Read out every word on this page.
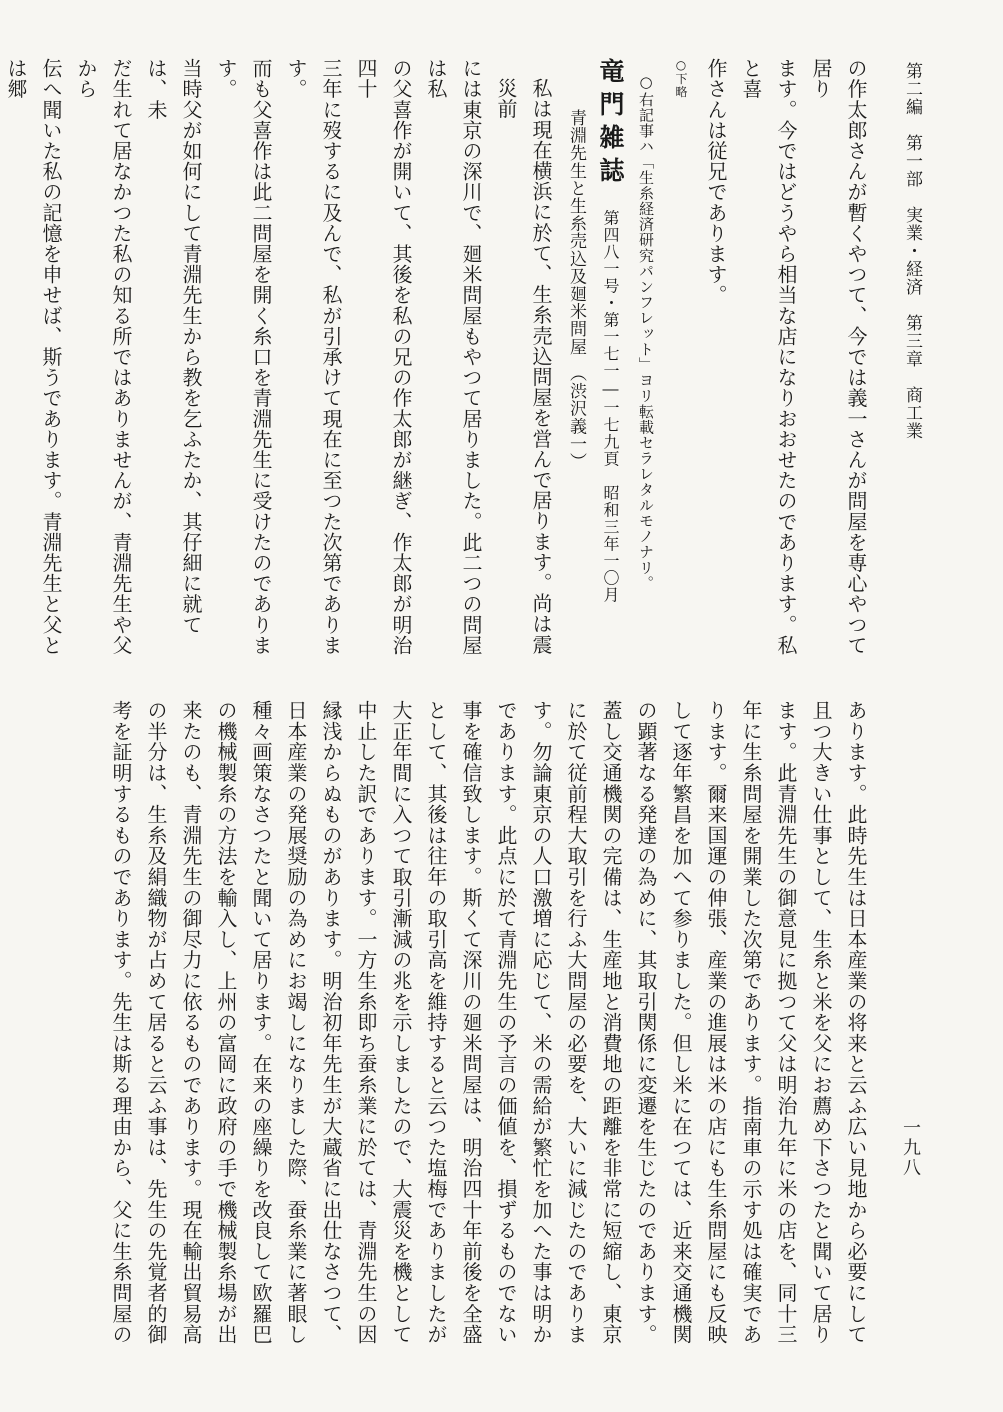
第二編　第一部　実業・経済　第三章　商工業
一九八
の作太郎さんが暫くやつて、今では義一さんが問屋を専心やつて居り
ます。今ではどうやら相当な店になりおおせたのであります。私と喜
作さんは従兄であります。
○下略
○右記事ハ「生糸経済研究パンフレット」ヨリ転載セラレタルモノナリ。
竜門雑誌第四八一号・第一七一―一七九頁　昭和三年一〇月
青淵先生と生糸売込及廻米問屋　（渋沢義一）
私は現在横浜に於て、生糸売込問屋を営んで居ります。尚は震災前
には東京の深川で、廻米問屋もやつて居りました。此二つの問屋は私
の父喜作が開いて、其後を私の兄の作太郎が継ぎ、作太郎が明治四十
三年に歿するに及んで、私が引承けて現在に至つた次第であります。
而も父喜作は此二問屋を開く糸口を青淵先生に受けたのであります。
当時父が如何にして青淵先生から教を乞ふたか、其仔細に就ては、未
だ生れて居なかつた私の知る所ではありませんが、青淵先生や父から
伝へ聞いた私の記憶を申せば、斯うであります。青淵先生と父とは郷
あります。此時先生は日本産業の将来と云ふ広い見地から必要にして
且つ大きい仕事として、生糸と米を父にお薦め下さつたと聞いて居り
ます。此青淵先生の御意見に拠つて父は明治九年に米の店を、同十三
年に生糸問屋を開業した次第であります。指南車の示す処は確実であ
ります。爾来国運の伸張、産業の進展は米の店にも生糸問屋にも反映
して逐年繁昌を加へて参りました。但し米に在つては、近来交通機関
の顕著なる発達の為めに、其取引関係に変遷を生じたのであります。
蓋し交通機関の完備は、生産地と消費地の距離を非常に短縮し、東京
に於て従前程大取引を行ふ大問屋の必要を、大いに減じたのでありま
す。勿論東京の人口激増に応じて、米の需給が繁忙を加へた事は明か
であります。此点に於て青淵先生の予言の価値を、損ずるものでない
事を確信致します。斯くて深川の廻米問屋は、明治四十年前後を全盛
として、其後は往年の取引高を維持すると云つた塩梅でありましたが
大正年間に入つて取引漸減の兆を示しましたので、大震災を機として
中止した訳であります。一方生糸即ち蚕糸業に於ては、青淵先生の因
縁浅からぬものがあります。明治初年先生が大蔵省に出仕なさつて、
日本産業の発展奨励の為めにお竭しになりました際、蚕糸業に著眼し
種々画策なさつたと聞いて居ります。在来の座繰りを改良して欧羅巴
の機械製糸の方法を輸入し、上州の富岡に政府の手で機械製糸場が出
来たのも、青淵先生の御尽力に依るものであります。現在輸出貿易高
の半分は、生糸及絹織物が占めて居ると云ふ事は、先生の先覚者的御
考を証明するものであります。先生は斯る理由から、父に生糸問屋の
